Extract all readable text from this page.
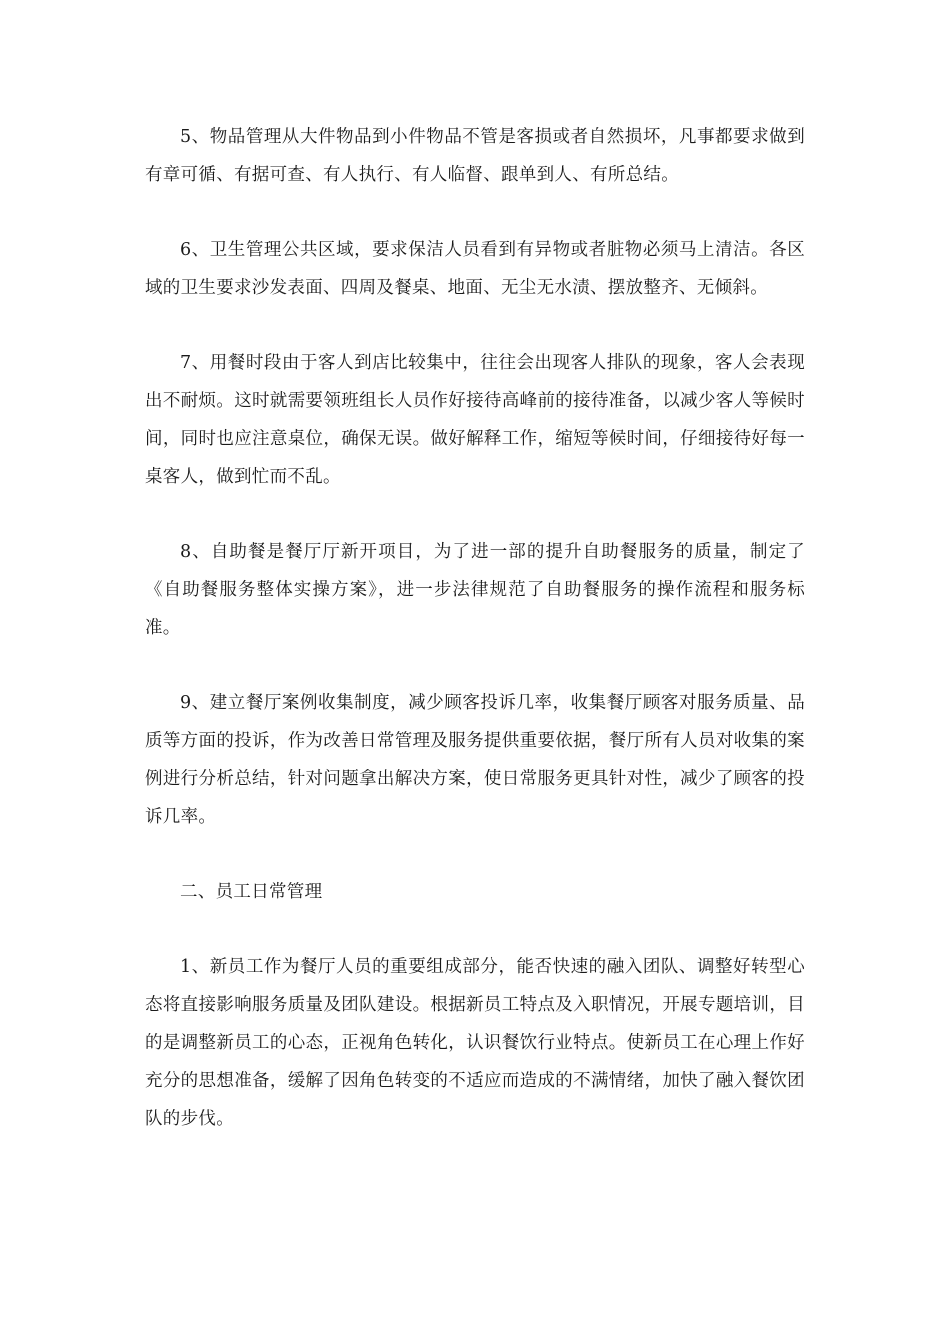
5、物品管理从大件物品到小件物品不管是客损或者自然损坏，凡事都要求做到有章可循、有据可查、有人执行、有人临督、跟单到人、有所总结。

6、卫生管理公共区域，要求保洁人员看到有异物或者脏物必须马上清洁。各区域的卫生要求沙发表面、四周及餐桌、地面、无尘无水渍、摆放整齐、无倾斜。

7、用餐时段由于客人到店比较集中，往往会出现客人排队的现象，客人会表现出不耐烦。这时就需要领班组长人员作好接待高峰前的接待准备，以减少客人等候时间，同时也应注意桌位，确保无误。做好解释工作，缩短等候时间，仔细接待好每一桌客人，做到忙而不乱。

8、自助餐是餐厅厅新开项目，为了进一部的提升自助餐服务的质量，制定了《自助餐服务整体实操方案》，进一步法律规范了自助餐服务的操作流程和服务标准。

9、建立餐厅案例收集制度，减少顾客投诉几率，收集餐厅顾客对服务质量、品质等方面的投诉，作为改善日常管理及服务提供重要依据，餐厅所有人员对收集的案例进行分析总结，针对问题拿出解决方案，使日常服务更具针对性，减少了顾客的投诉几率。

二、员工日常管理

1、新员工作为餐厅人员的重要组成部分，能否快速的融入团队、调整好转型心态将直接影响服务质量及团队建设。根据新员工特点及入职情况，开展专题培训，目的是调整新员工的心态，正视角色转化，认识餐饮行业特点。使新员工在心理上作好充分的思想准备，缓解了因角色转变的不适应而造成的不满情绪，加快了融入餐饮团队的步伐。
